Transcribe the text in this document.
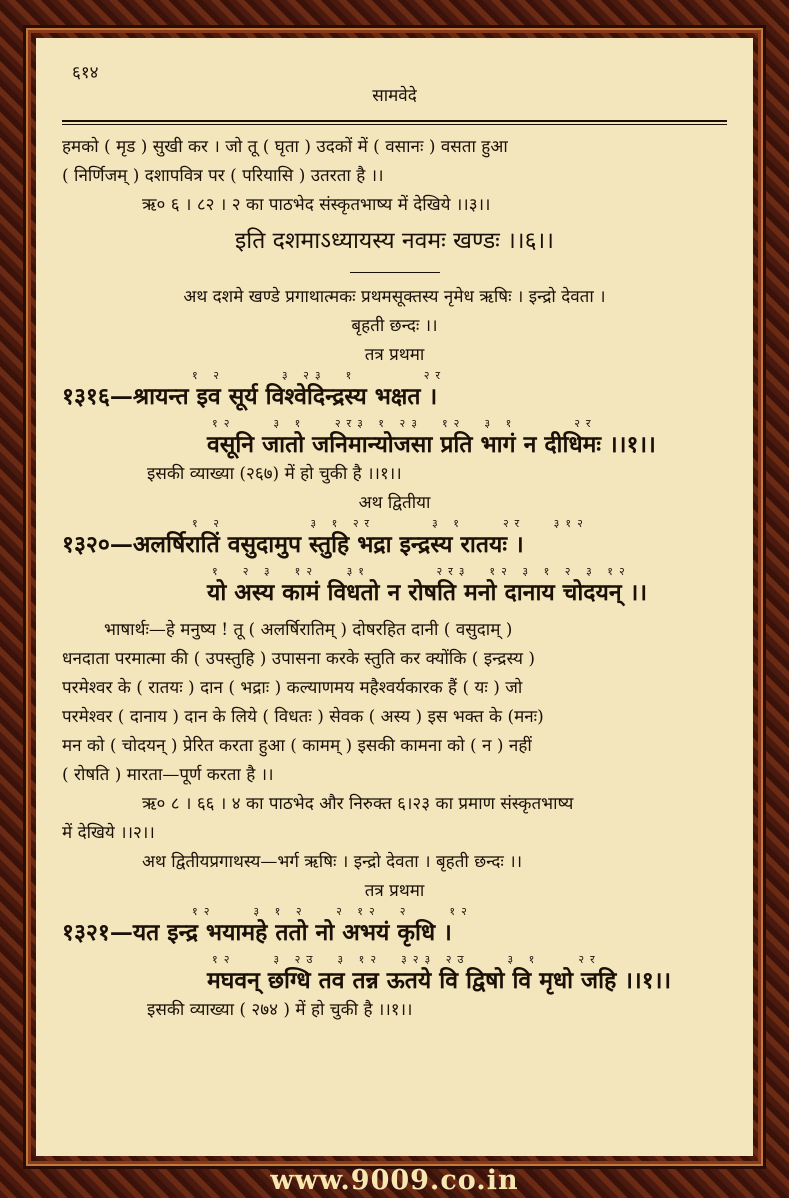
६१४
सामवेदे

हमको ( मृड ) सुखी कर । जो तू ( घृता ) उदकों में ( वसानः ) वसता हुआ

( निर्णिजम् ) दशापवित्र पर ( परियासि ) उतरता है ।।

ऋ० ६ । ८२ । २ का पाठभेद संस्कृतभाष्य में देखिये ।।३।।

इति दशमाऽध्यायस्य नवमः खण्डः ।।६।।

अथ दशमे खण्डे प्रगाथात्मकः प्रथमसूक्तस्य नृमेध ऋषिः । इन्द्रो देवता ।

बृहती छन्दः ।।

तत्र प्रथमा

१ २      ३ २३  १       २र

१३१६—श्रायन्त इव सूर्य विश्वेदिन्द्रस्य भक्षत ।

१२    ३ १   २र३ १ २३  १२  ३ १      २र

वसूनि जातो जनिमान्योजसा प्रति भागं न दीधिमः ।।१।।

इसकी व्याख्या (२६७) में हो चुकी है ।।१।।

अथ द्वितीया

१ २         ३ १ २र      ३ १    २र   ३१२

१३२०—अलर्षिरातिं वसुदामुप स्तुहि भद्रा इन्द्रस्य रातयः ।

१  २ ३  १२   ३१       २र३  १२ ३ १ २ ३ १२

यो अस्य कामं विधतो न रोषति मनो दानाय चोदयन् ।।

भाषार्थः—हे मनुष्य ! तू ( अलर्षिरातिम् ) दोषरहित दानी ( वसुदाम् )

धनदाता परमात्मा की ( उपस्तुहि ) उपासना करके स्तुति कर क्योंकि ( इन्द्रस्य )

परमेश्वर के ( रातयः ) दान ( भद्राः ) कल्याणमय महैश्वर्यकारक हैं ( यः ) जो

परमेश्वर ( दानाय ) दान के लिये ( विधतः ) सेवक ( अस्य ) इस भक्त के (मनः)

मन को ( चोदयन् ) प्रेरित करता हुआ ( कामम् ) इसकी कामना को ( न ) नहीं

( रोषति ) मारता—पूर्ण करता है ।।

ऋ० ८ । ६६ । ४ का पाठभेद और निरुक्त ६।२३ का प्रमाण संस्कृतभाष्य

में देखिये ।।२।।

अथ द्वितीयप्रगाथस्य—भर्ग ऋषिः । इन्द्रो देवता । बृहती छन्दः ।।

तत्र प्रथमा

१२    ३ १ २   २ १२  २    १२

१३२१—यत इन्द्र भयामहे ततो नो अभयं कृधि ।

१२    ३ २उ  ३ १२  ३२३ २उ    ३ १    २र

मघवन् छग्धि तव तन्न ऊतये वि द्विषो वि मृधो जहि ।।१।।

इसकी व्याख्या ( २७४ ) में हो चुकी है ।।१।।

www.9009.co.in
